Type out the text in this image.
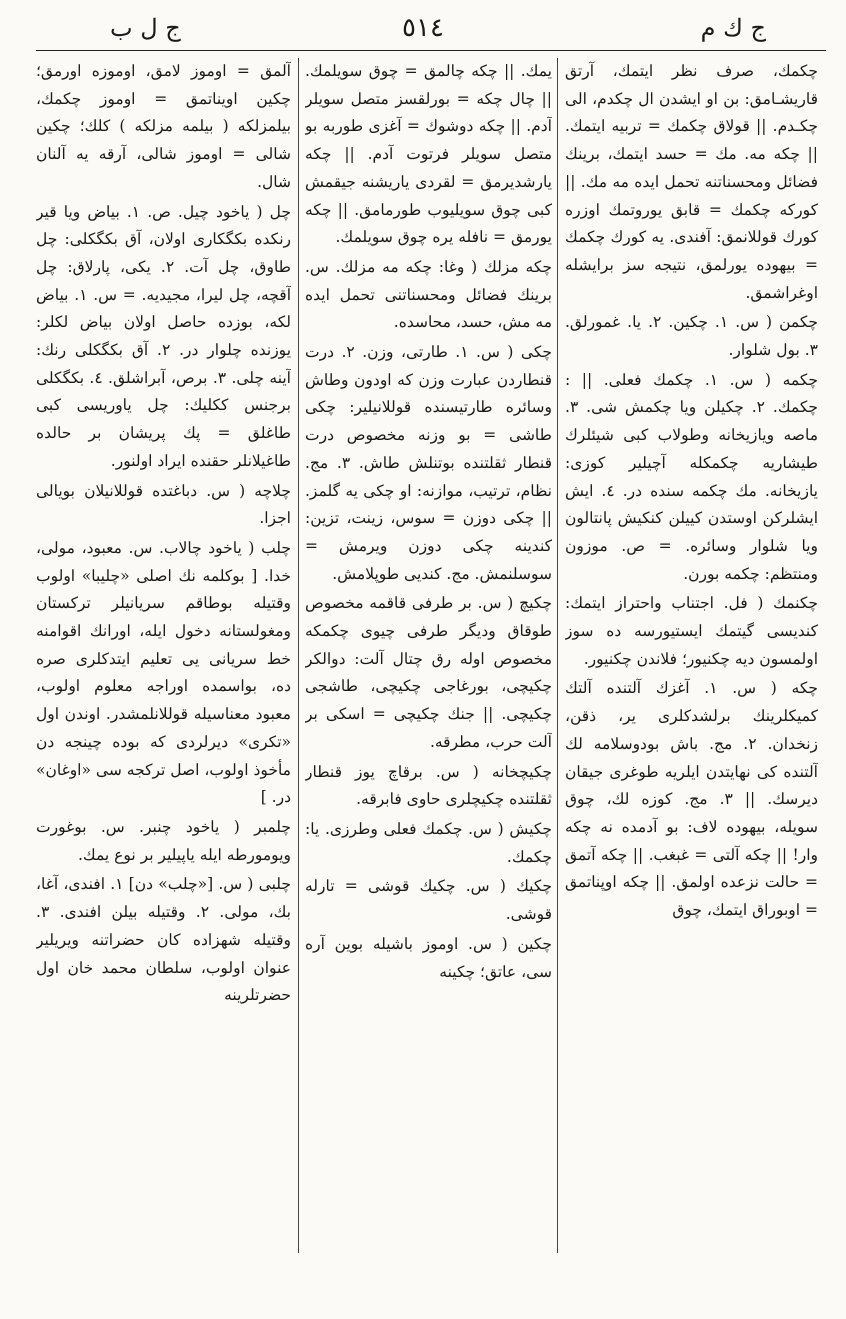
ج ك م
٥١٤
ج ل ب

چكمك، صرف نظر ايتمك، آرتق قاريشـامق: بن او ايشدن ال چكدم، الى چكـدم. || قولاق چكمك = تربيه ايتمك. || چكه مه. مك = حسد ايتمك، برينك فضائل ومحسناتنه تحمل ايده مه مك. || كوركه چكمك = قابق يوروتمك اوزره كورك قوللانمق: آفندى. يه كورك چكمك = بيهوده يورلمق، نتيجه سز برايشله اوغراشمق.

چكمن ( س. ١. چكين. ٢. يا. غمورلق. ٣. بول شلوار.

چكمه ( س. ١. چكمك فعلى. || : چكمك. ٢. چكيلن ويا چكمش شى. ٣. ماصه ويازيخانه وطولاب كبى شيئلرك طيشاريه چكمكله آچيلير كوزى: يازيخانه. مك چكمه سنده در. ٤. ايش ايشلركن اوستدن كييلن كنكيش پانتالون ويا شلوار وسائره. = ص. موزون ومنتظم: چكمه بورن.

چكنمك ( فل. اجتناب واحتراز ايتمك: كنديسى گيتمك ايستيورسه ده سوز اولمسون ديه چكنيور؛ فلاندن چكنيور.

چكه ( س. ١. آغزك آلتنده آلتك كميكلرينك برلشدكلرى ير، ذقن، زنخدان. ٢. مج. باش بودوسلامه لك آلتنده كى نهايتدن ايلريه طوغرى جيقان ديرسك. || ٣. مج. كوزه لك، چوق سويله، بيهوده لاف: بو آدمده نه چكه وار! || چكه آلتى = غبغب. || چكه آتمق = حالت نزعده اولمق. || چكه اوپناتمق = اوبوراق ايتمك، چوق

يمك. || چكه چالمق = چوق سويلمك. || چال چكه = بورلقسز متصل سويلر آدم. || چكه دوشوك = آغزى طوربه بو متصل سويلر فرتوت آدم. || چكه يارشديرمق = لقردى ياريشنه جيقمش كبى چوق سويليوب طورمامق. || چكه يورمق = نافله يره چوق سويلمك.

چكه مزلك ( وغا: چكه مه مزلك. س. برينك فضائل ومحسناتنى تحمل ايده مه مش، حسد، محاسده.

چكى ( س. ١. طارتى، وزن. ٢. درت قنطاردن عبارت وزن كه اودون وطاش وسائره طارتيسنده قوللانيلير: چكى طاشى = بو وزنه مخصوص درت قنطار ثقلتنده بوتنلش طاش. ٣. مج. نظام، ترتيب، موازنه: او چكى يه گلمز. || چكى دوزن = سوس، زينت، تزين: كندينه چكى دوزن ويرمش = سوسلنمش. مج. كنديى طوپلامش.

چكيچ ( س. بر طرفى قاقمه مخصوص طوقاق وديگر طرفى چيوى چكمكه مخصوص اوله رق چتال آلت: دوالكر چكيچى، بورغاجى چكيچى، طاشجى چكيچى. || جنك چكيچى = اسكى بر آلت حرب، مطرقه.

چكيچخانه ( س. برقاچ يوز قنطار ثقلتنده چكيچلرى حاوى فابرقه.

چكيش ( س. چكمك فعلى وطرزى. يا: چكمك.

چكيك ( س. چكيك قوشى = تارله قوشى.

چكين ( س. اوموز باشيله بوين آره سى، عاتق؛ چكينه

آلمق = اوموز لامق، اوموزه اورمق؛ چكين اويناتمق = اوموز چكمك، بيلمزلكه ( بيلمه مزلكه ) كلك؛ چكين شالى = اوموز شالى، آرقه يه آلنان شال.

چل ( ياخود چيل. ص. ١. بياض ويا قير رنكده بكگكارى اولان، آق بكگكلى: چل طاوق، چل آت. ٢. يكى، پارلاق: چل آقچه، چل ليرا، مجيديه. = س. ١. بياض لكه، بوزده حاصل اولان بياض لكلر: يوزنده چلوار در. ٢. آق بكگكلى رنك: آينه چلى. ٣. برص، آبراشلق. ٤. بكگكلى برجنس ككليك: چل ياوريسى كبى طاغلق = پك پريشان بر حالده طاغيلانلر حقنده ايراد اولنور.

چلاچه ( س. دباغتده قوللانيلان بويالى اجزا.

چلب ( ياخود چالاب. س. معبود، مولى، خدا. [ بوكلمه نك اصلى «چليبا» اولوب وقتيله بوطاقم سريانيلر تركستان ومغولستانه دخول ايله، اورانك اقوامنه خط سريانى يى تعليم ايتدكلرى صره ده، بواسمده اوراجه معلوم اولوب، معبود معناسيله قوللانلمشدر. اوندن اول «تكرى» ديرلردى كه بوده چينجه دن مأخوذ اولوب، اصل تركجه سى «اوغان» در. ]

چلمبر ( ياخود چنبر. س. بوغورت ويومورطه ايله ياپيلير بر نوع يمك.

چلبى ( س. [«چلب» دن] ١. افندى، آغا، بك، مولى. ٢. وقتيله بيلن افندى. ٣. وقتيله شهزاده كان حضراتنه ويريلير عنوان اولوب، سلطان محمد خان اول حضرتلرينه
